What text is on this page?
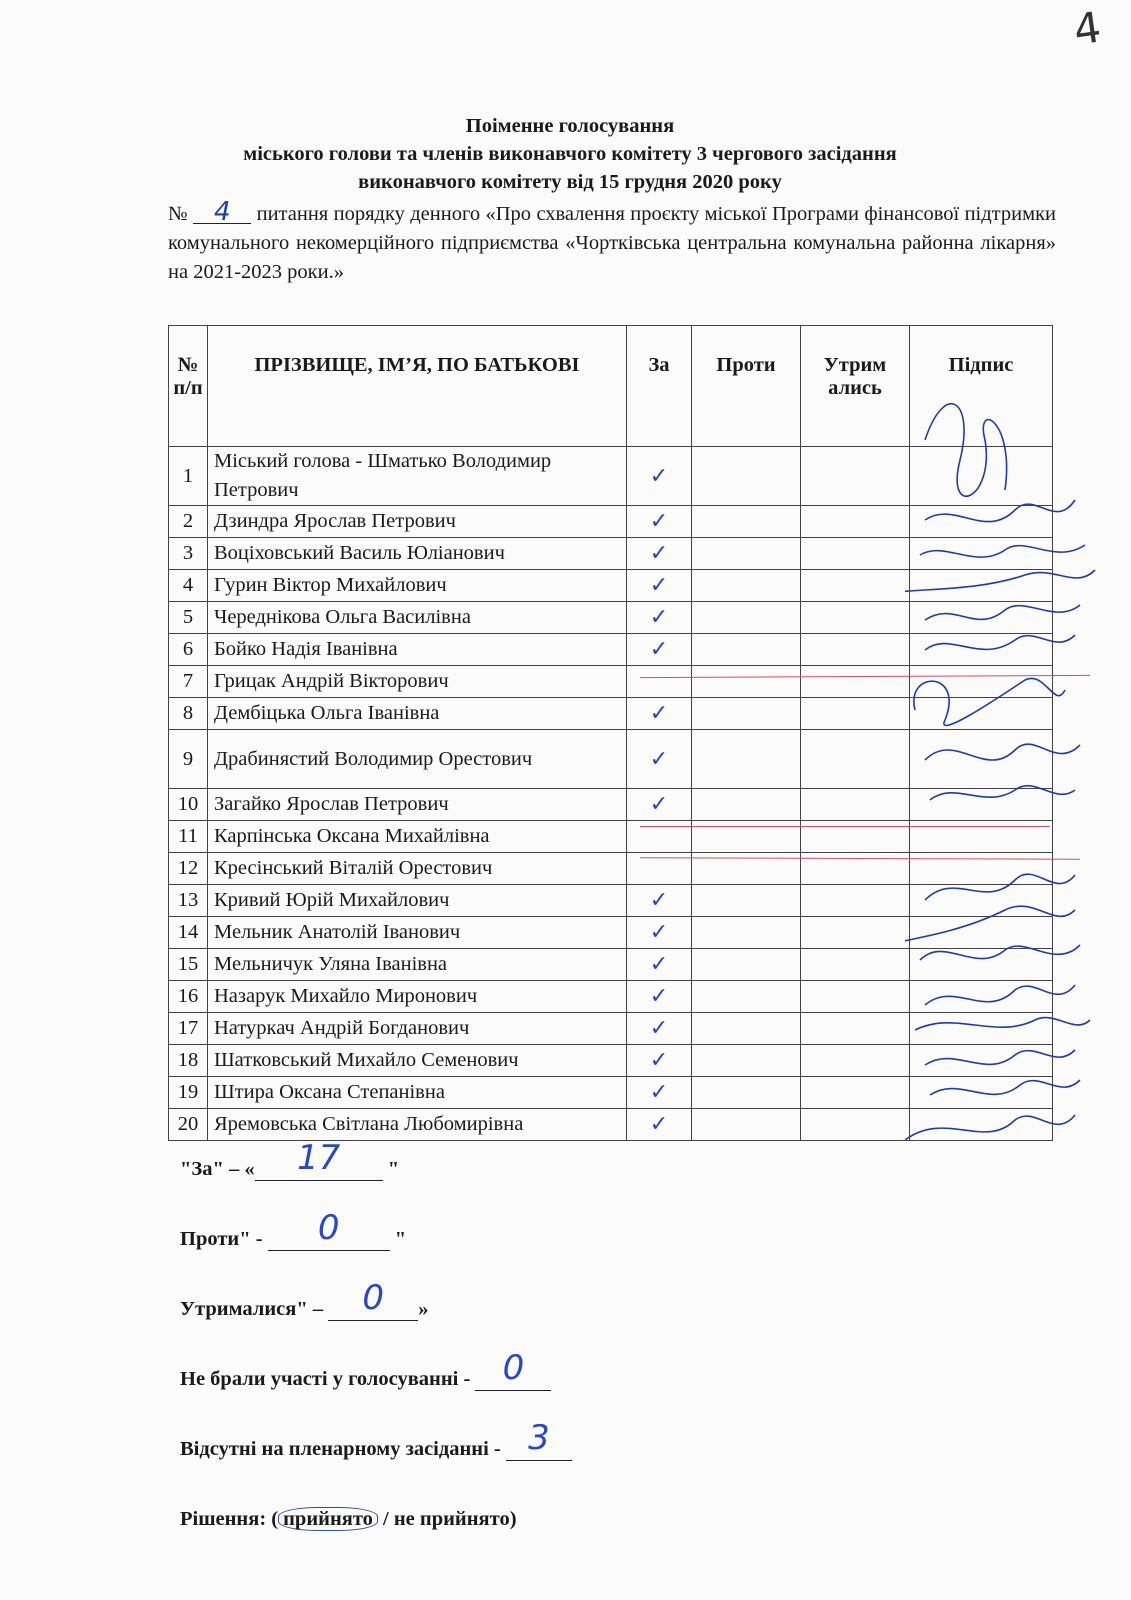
4
Поіменне голосування
міського голови та членів виконавчого комітету 3 чергового засідання
виконавчого комітету від 15 грудня 2020 року
№ 4 питання порядку денного «Про схвалення проєкту міської Програми фінансової підтримки комунального некомерційного підприємства «Чортківська центральна комунальна районна лікарня» на 2021-2023 роки.»
№ п/п	ПРІЗВИЩЕ, ІМ’Я, ПО БАТЬКОВІ	За	Проти	Утрим ались	Підпис
1	Міський голова - Шматько Володимир Петрович	✓			
2	Дзиндра Ярослав Петрович	✓			
3	Воціховський Василь Юліанович	✓			
4	Гурин Віктор Михайлович	✓			
5	Череднікова Ольга Василівна	✓			
6	Бойко Надія Іванівна	✓			
7	Грицак Андрій Вікторович				
8	Дембіцька Ольга Іванівна	✓			
9	Драбинястий Володимир Орестович	✓			
10	Загайко Ярослав Петрович	✓			
11	Карпінська Оксана Михайлівна				
12	Кресінський Віталій Орестович				
13	Кривий Юрій Михайлович	✓			
14	Мельник Анатолій Іванович	✓			
15	Мельничук Уляна Іванівна	✓			
16	Назарук Михайло Миронович	✓			
17	Натуркач Андрій Богданович	✓			
18	Шатковський Михайло Семенович	✓			
19	Штира Оксана Степанівна	✓			
20	Яремовська Світлана Любомирівна	✓			
"За" – «	17	"
Проти" -	0	"
Утрималися" –	0	»
Не брали участі у голосуванні - 0
Відсутні на пленарному засіданні - 3
Рішення: ( прийнято / не прийнято)
